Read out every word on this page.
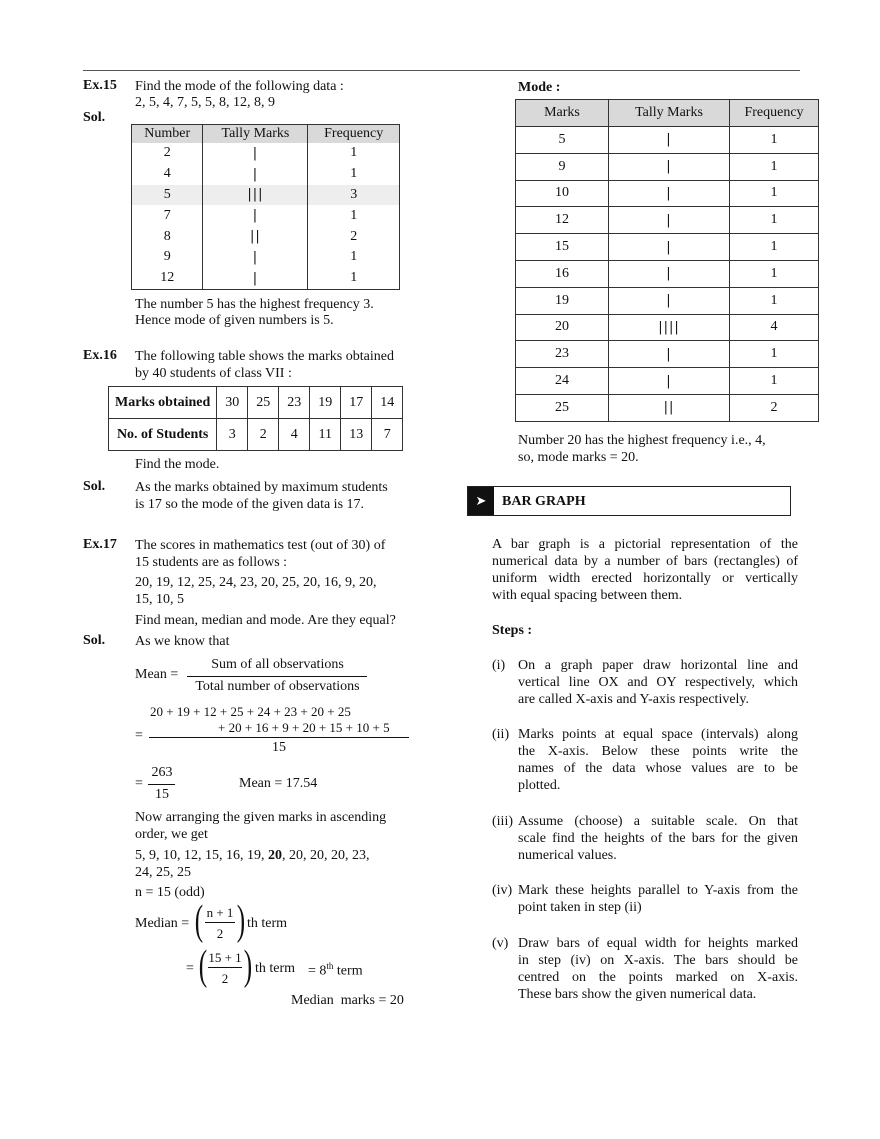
Ex.15 Find the mode of the following data :
2, 5, 4, 7, 5, 5, 8, 12, 8, 9
Sol.
Number	Tally Marks	Frequency
2	|	1
4	|	1
5	|||	3
7	|	1
8	||	2
9	|	1
12	|	1
The number 5 has the highest frequency 3.
Hence mode of given numbers is 5.
Ex.16 The following table shows the marks obtained
by 40 students of class VII :
Marks obtained	30	25	23	19	17	14
No. of Students	3	2	4	11	13	7
Find the mode.
Sol. As the marks obtained by maximum students
is 17 so the mode of the given data is 17.
Ex.17 The scores in mathematics test (out of 30) of
15 students are as follows :
20, 19, 12, 25, 24, 23, 20, 25, 20, 16, 9, 20,
15, 10, 5
Find mean, median and mode. Are they equal?
Sol. As we know that
Mean =
Sum of all observations
Total number of observations
20 + 19 + 12 + 25 + 24 + 23 + 20 + 25
+ 20 + 16 + 9 + 20 + 15 + 10 + 5
=
15
=
263
15
Mean = 17.54
Now arranging the given marks in ascending
order, we get
5, 9, 10, 12, 15, 16, 19, 20, 20, 20, 20, 23,
24, 25, 25
n = 15 (odd)
Median = ( n + 1
2 ) th term
= ( 15 + 1
2 ) th term = 8th term
Median  marks = 20
Mode :
Marks	Tally Marks	Frequency
5	|	1
9	|	1
10	|	1
12	|	1
15	|	1
16	|	1
19	|	1
20	||||	4
23	|	1
24	|	1
25	||	2
Number 20 has the highest frequency i.e., 4,
so, mode marks = 20.
➤	BAR GRAPH
A bar graph is a pictorial representation of the
numerical data by a number of bars (rectangles) of
uniform width erected horizontally or vertically
with equal spacing between them.
Steps :
(i) On a graph paper draw horizontal line and
vertical line OX and OY respectively, which
are called X-axis and Y-axis respectively.
(ii) Marks points at equal space (intervals) along
the X-axis. Below these points write the
names of the data whose values are to be
plotted.
(iii) Assume (choose) a suitable scale. On that
scale find the heights of the bars for the given
numerical values.
(iv) Mark these heights parallel to Y-axis from the
point taken in step (ii)
(v) Draw bars of equal width for heights marked
in step (iv) on X-axis. The bars should be
centred on the points marked on X-axis.
These bars show the given numerical data.
